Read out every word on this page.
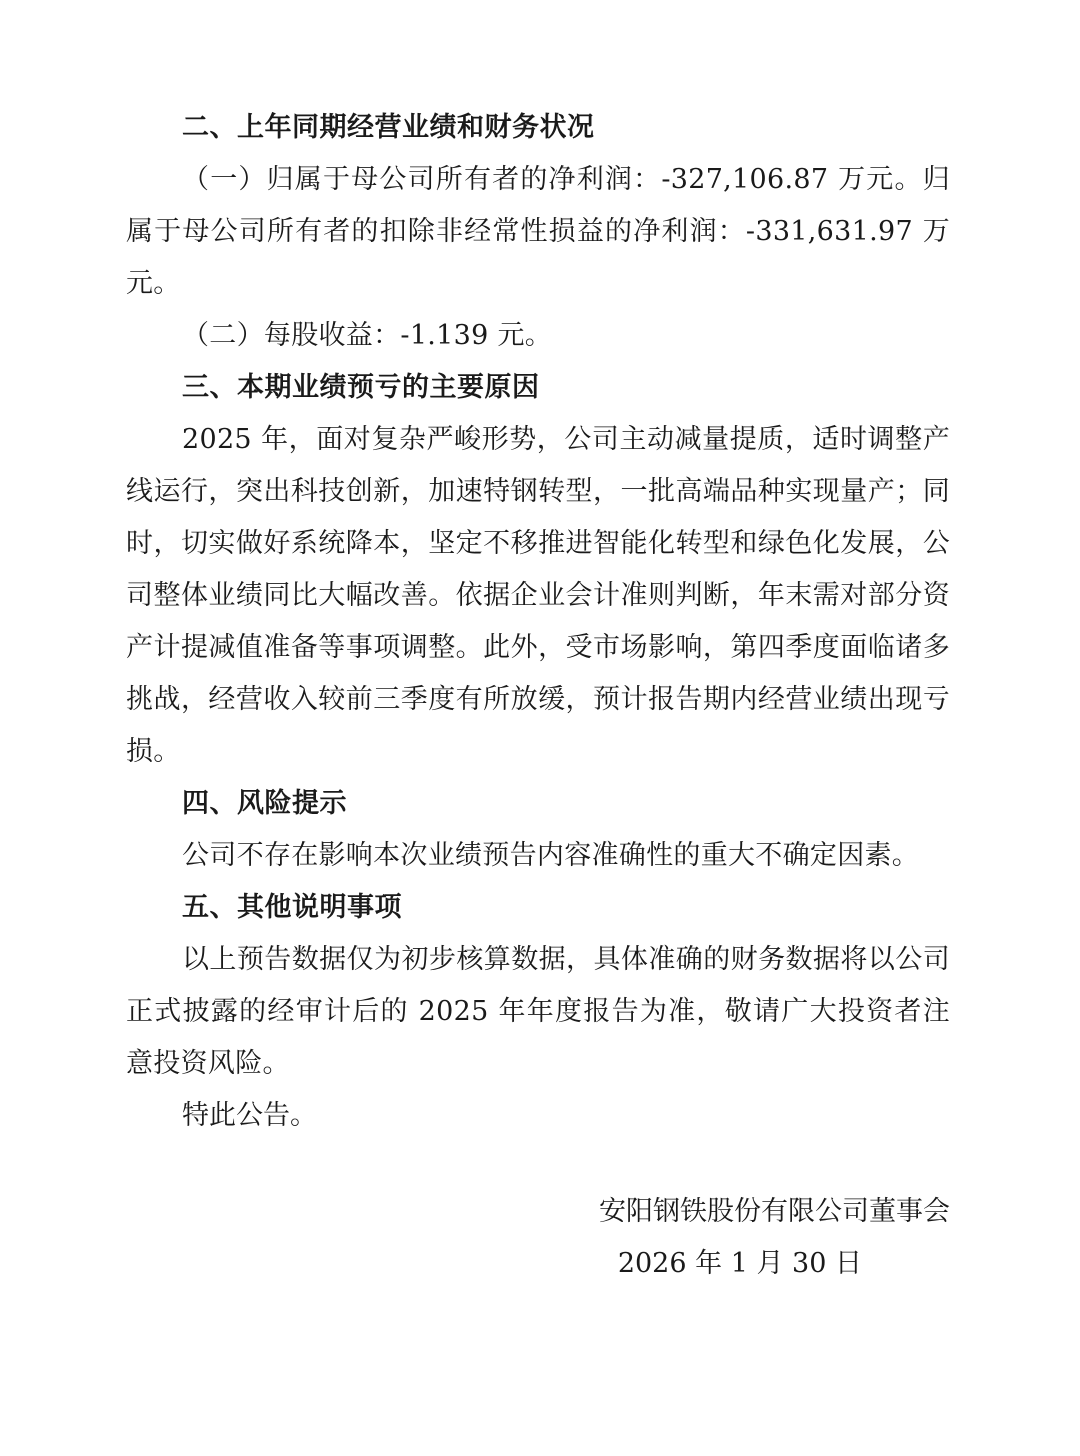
二、上年同期经营业绩和财务状况

（一）归属于母公司所有者的净利润：-327,106.87 万元。归属于母公司所有者的扣除非经常性损益的净利润：-331,631.97 万元。

（二）每股收益：-1.139 元。

三、本期业绩预亏的主要原因

2025 年，面对复杂严峻形势，公司主动减量提质，适时调整产线运行，突出科技创新，加速特钢转型，一批高端品种实现量产；同时，切实做好系统降本，坚定不移推进智能化转型和绿色化发展，公司整体业绩同比大幅改善。依据企业会计准则判断，年末需对部分资产计提减值准备等事项调整。此外，受市场影响，第四季度面临诸多挑战，经营收入较前三季度有所放缓，预计报告期内经营业绩出现亏损。

四、风险提示

公司不存在影响本次业绩预告内容准确性的重大不确定因素。

五、其他说明事项

以上预告数据仅为初步核算数据，具体准确的财务数据将以公司正式披露的经审计后的 2025 年年度报告为准，敬请广大投资者注意投资风险。

特此公告。

安阳钢铁股份有限公司董事会
2026 年 1 月 30 日
